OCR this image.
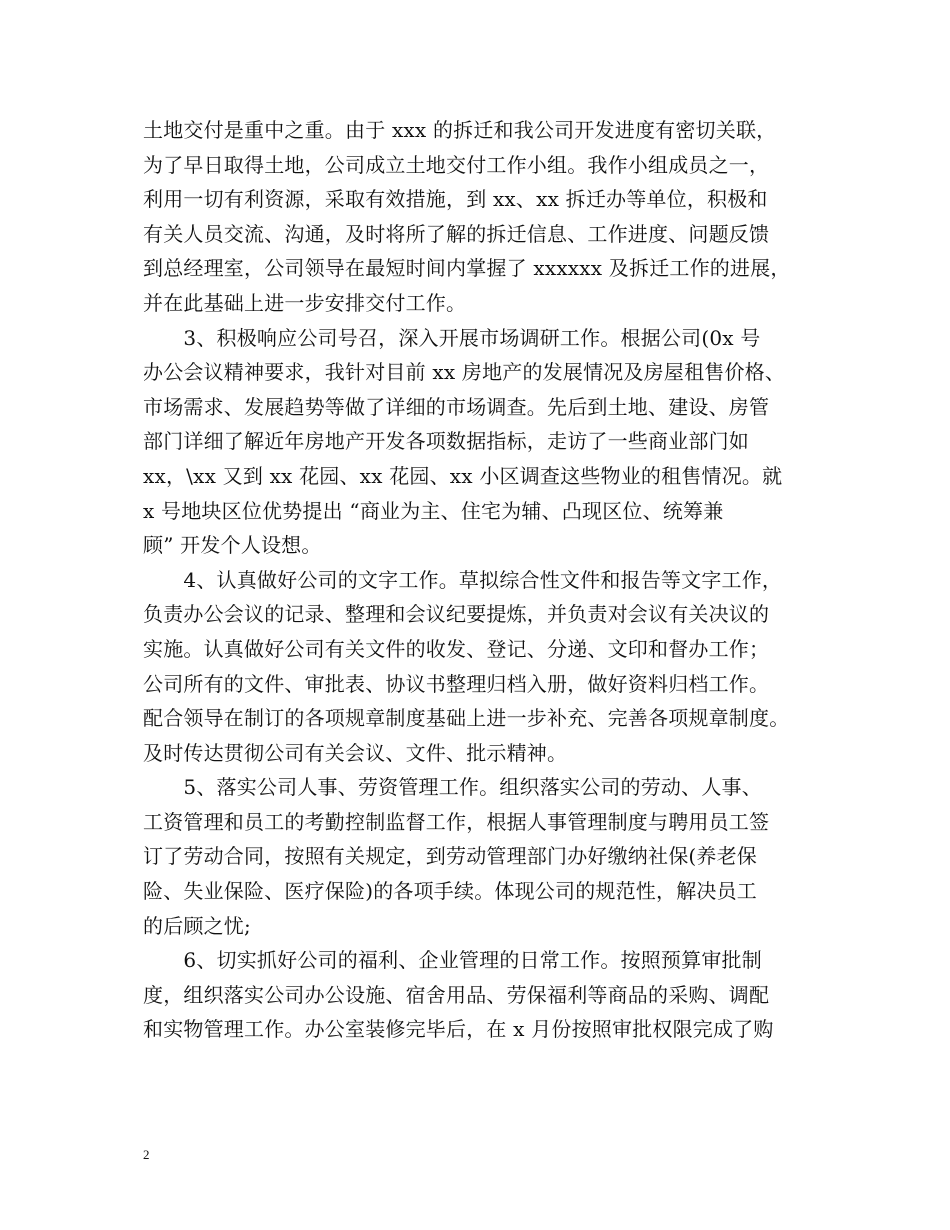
土地交付是重中之重。由于 xxx 的拆迁和我公司开发进度有密切关联，
为了早日取得土地，公司成立土地交付工作小组。我作小组成员之一，
利用一切有利资源，采取有效措施，到 xx、xx 拆迁办等单位，积极和
有关人员交流、沟通，及时将所了解的拆迁信息、工作进度、问题反馈
到总经理室，公司领导在最短时间内掌握了 xxxxxx 及拆迁工作的进展，
并在此基础上进一步安排交付工作。
　　3、积极响应公司号召，深入开展市场调研工作。根据公司(0x 号
办公会议精神要求，我针对目前 xx 房地产的发展情况及房屋租售价格、
市场需求、发展趋势等做了详细的市场调查。先后到土地、建设、房管
部门详细了解近年房地产开发各项数据指标，走访了一些商业部门如
xx，\xx 又到 xx 花园、xx 花园、xx 小区调查这些物业的租售情况。就
x 号地块区位优势提出 “商业为主、住宅为辅、凸现区位、统筹兼
顾” 开发个人设想。
　　4、认真做好公司的文字工作。草拟综合性文件和报告等文字工作，
负责办公会议的记录、整理和会议纪要提炼，并负责对会议有关决议的
实施。认真做好公司有关文件的收发、登记、分递、文印和督办工作；
公司所有的文件、审批表、协议书整理归档入册，做好资料归档工作。
配合领导在制订的各项规章制度基础上进一步补充、完善各项规章制度。
及时传达贯彻公司有关会议、文件、批示精神。
　　5、落实公司人事、劳资管理工作。组织落实公司的劳动、人事、
工资管理和员工的考勤控制监督工作，根据人事管理制度与聘用员工签
订了劳动合同，按照有关规定，到劳动管理部门办好缴纳社保(养老保
险、失业保险、医疗保险)的各项手续。体现公司的规范性，解决员工
的后顾之忧;
　　6、切实抓好公司的福利、企业管理的日常工作。按照预算审批制
度，组织落实公司办公设施、宿舍用品、劳保福利等商品的采购、调配
和实物管理工作。办公室装修完毕后，在 x 月份按照审批权限完成了购
2
